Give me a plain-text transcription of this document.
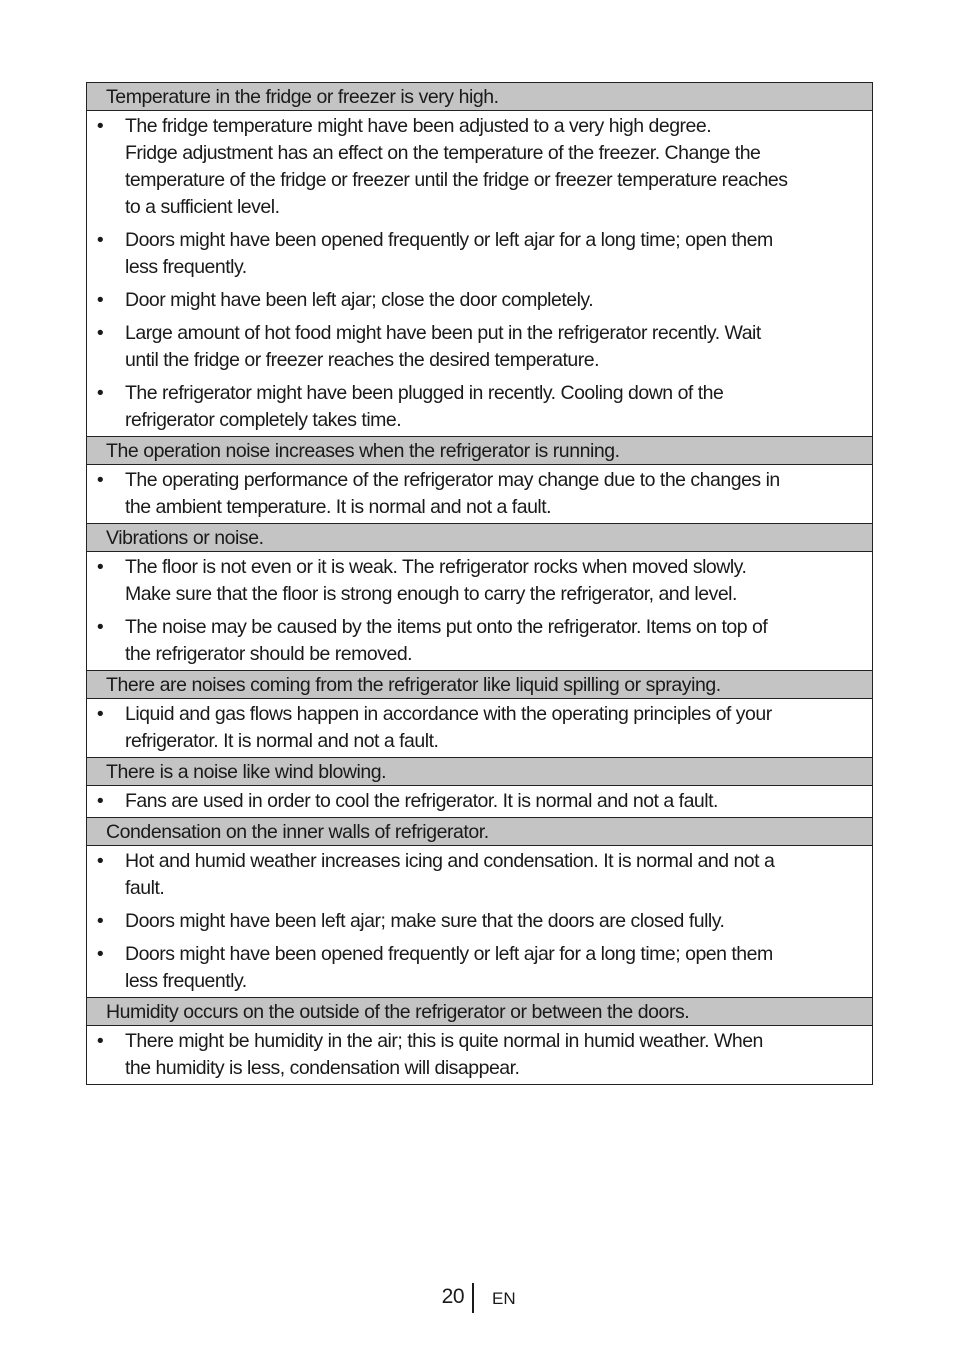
Temperature in the fridge or freezer is very high.
• The fridge temperature might have been adjusted to a very high degree.
Fridge adjustment has an effect on the temperature of the freezer. Change the
temperature of the fridge or freezer until the fridge or freezer temperature reaches
to a sufficient level.
• Doors might have been opened frequently or left ajar for a long time; open them
less frequently.
• Door might have been left ajar; close the door completely.
• Large amount of hot food might have been put in the refrigerator recently. Wait
until the fridge or freezer reaches the desired temperature.
• The refrigerator might have been plugged in recently. Cooling down of the
refrigerator completely takes time.
The operation noise increases when the refrigerator is running.
• The operating performance of the refrigerator may change due to the changes in
the ambient temperature. It is normal and not a fault.
Vibrations or noise.
• The floor is not even or it is weak. The refrigerator rocks when moved slowly.
Make sure that the floor is strong enough to carry the refrigerator, and level.
• The noise may be caused by the items put onto the refrigerator. Items on top of
the refrigerator should be removed.
There are noises coming from the refrigerator like liquid spilling or spraying.
• Liquid and gas flows happen in accordance with the operating principles of your
refrigerator. It is normal and not a fault.
There is a noise like wind blowing.
• Fans are used in order to cool the refrigerator. It is normal and not a fault.
Condensation on the inner walls of refrigerator.
• Hot and humid weather increases icing and condensation. It is normal and not a
fault.
• Doors might have been left ajar; make sure that the doors are closed fully.
• Doors might have been opened frequently or left ajar for a long time; open them
less frequently.
Humidity occurs on the outside of the refrigerator or between the doors.
• There might be humidity in the air; this is quite normal in humid weather. When
the humidity is less, condensation will disappear.
20 EN
